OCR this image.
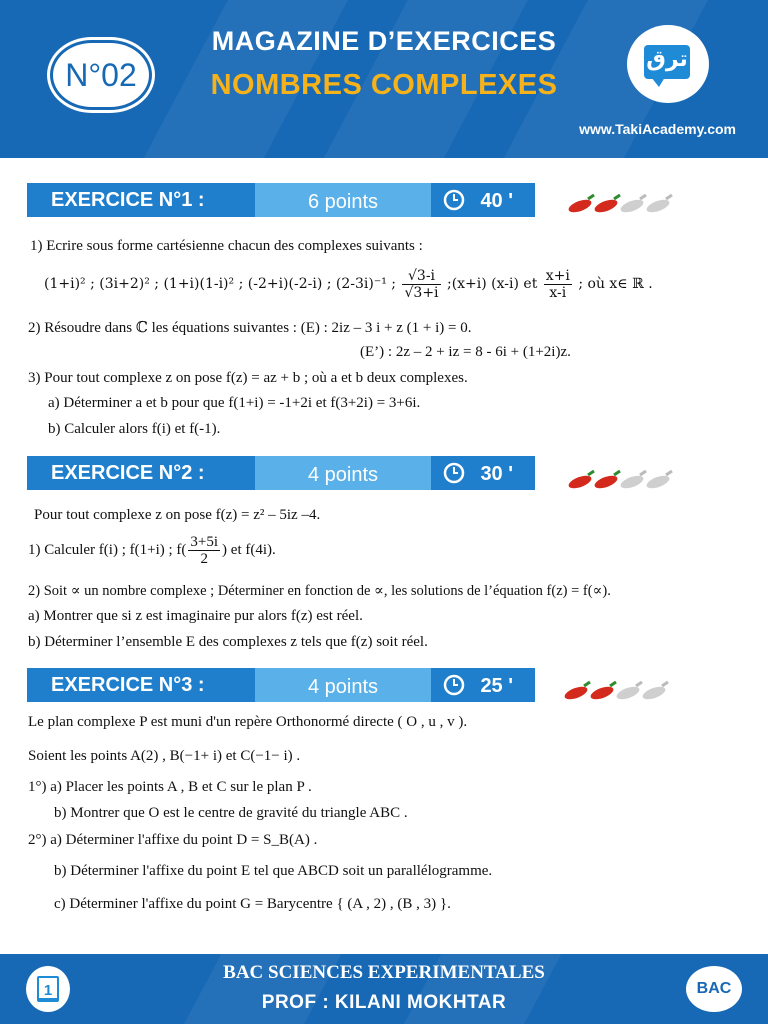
N°02
MAGAZINE D’EXERCICES
NOMBRES COMPLEXES
ترق
www.TakiAcademy.com
EXERCICE N°1 :	6 points	40 '
1) Ecrire sous forme cartésienne chacun des complexes suivants :
(1+i)² ; (3i+2)² ; (1+i)(1-i)² ; (-2+i)(-2-i) ; (2-3i)⁻¹ ; $\frac{√3-i}{√3+i}$ ;(x+i) (x-i) et $\frac{x+i}{x-i}$ ; où x∈ ℝ .
2) Résoudre dans ℂ les équations suivantes : (E) : 2iz – 3 i + z (1 + i) = 0.
(E’) : 2z – 2 + iz = 8 - 6i + (1+2i)z.
3) Pour tout complexe z on pose f(z) = az + b ; où a et b deux complexes.
a) Déterminer a et b pour que f(1+i) = -1+2i et f(3+2i) = 3+6i.
b) Calculer alors f(i) et f(-1).
EXERCICE N°2 :	4 points	30 '
Pour tout complexe z on pose f(z) = z² – 5iz –4.
1) Calculer f(i) ; f(1+i) ; $f( \frac{3+5i}{2}$ ) et f(4i).
2) Soit ∝ un nombre complexe ; Déterminer en fonction de ∝, les solutions de l’équation f(z) = f(∝).
a) Montrer que si z est imaginaire pur alors f(z) est réel.
b) Déterminer l’ensemble E des complexes z tels que f(z) soit réel.
EXERCICE N°3 :	4 points	25 '
Le plan complexe P est muni d'un repère Orthonormé directe ( O , u , v ).
Soient les points A(2) , B(−1+ i) et C(−1− i) .
1°) a) Placer les points A , B et C sur le plan P .
b) Montrer que O est le centre de gravité du triangle ABC .
2°) a) Déterminer l'affixe du point D = S_B(A) .
b) Déterminer l'affixe du point E tel que ABCD soit un parallélogramme.
c) Déterminer l'affixe du point G = Barycentre { (A , 2) , (B , 3) }.
1
BAC SCIENCES EXPERIMENTALES
PROF : KILANI MOKHTAR
BAC
